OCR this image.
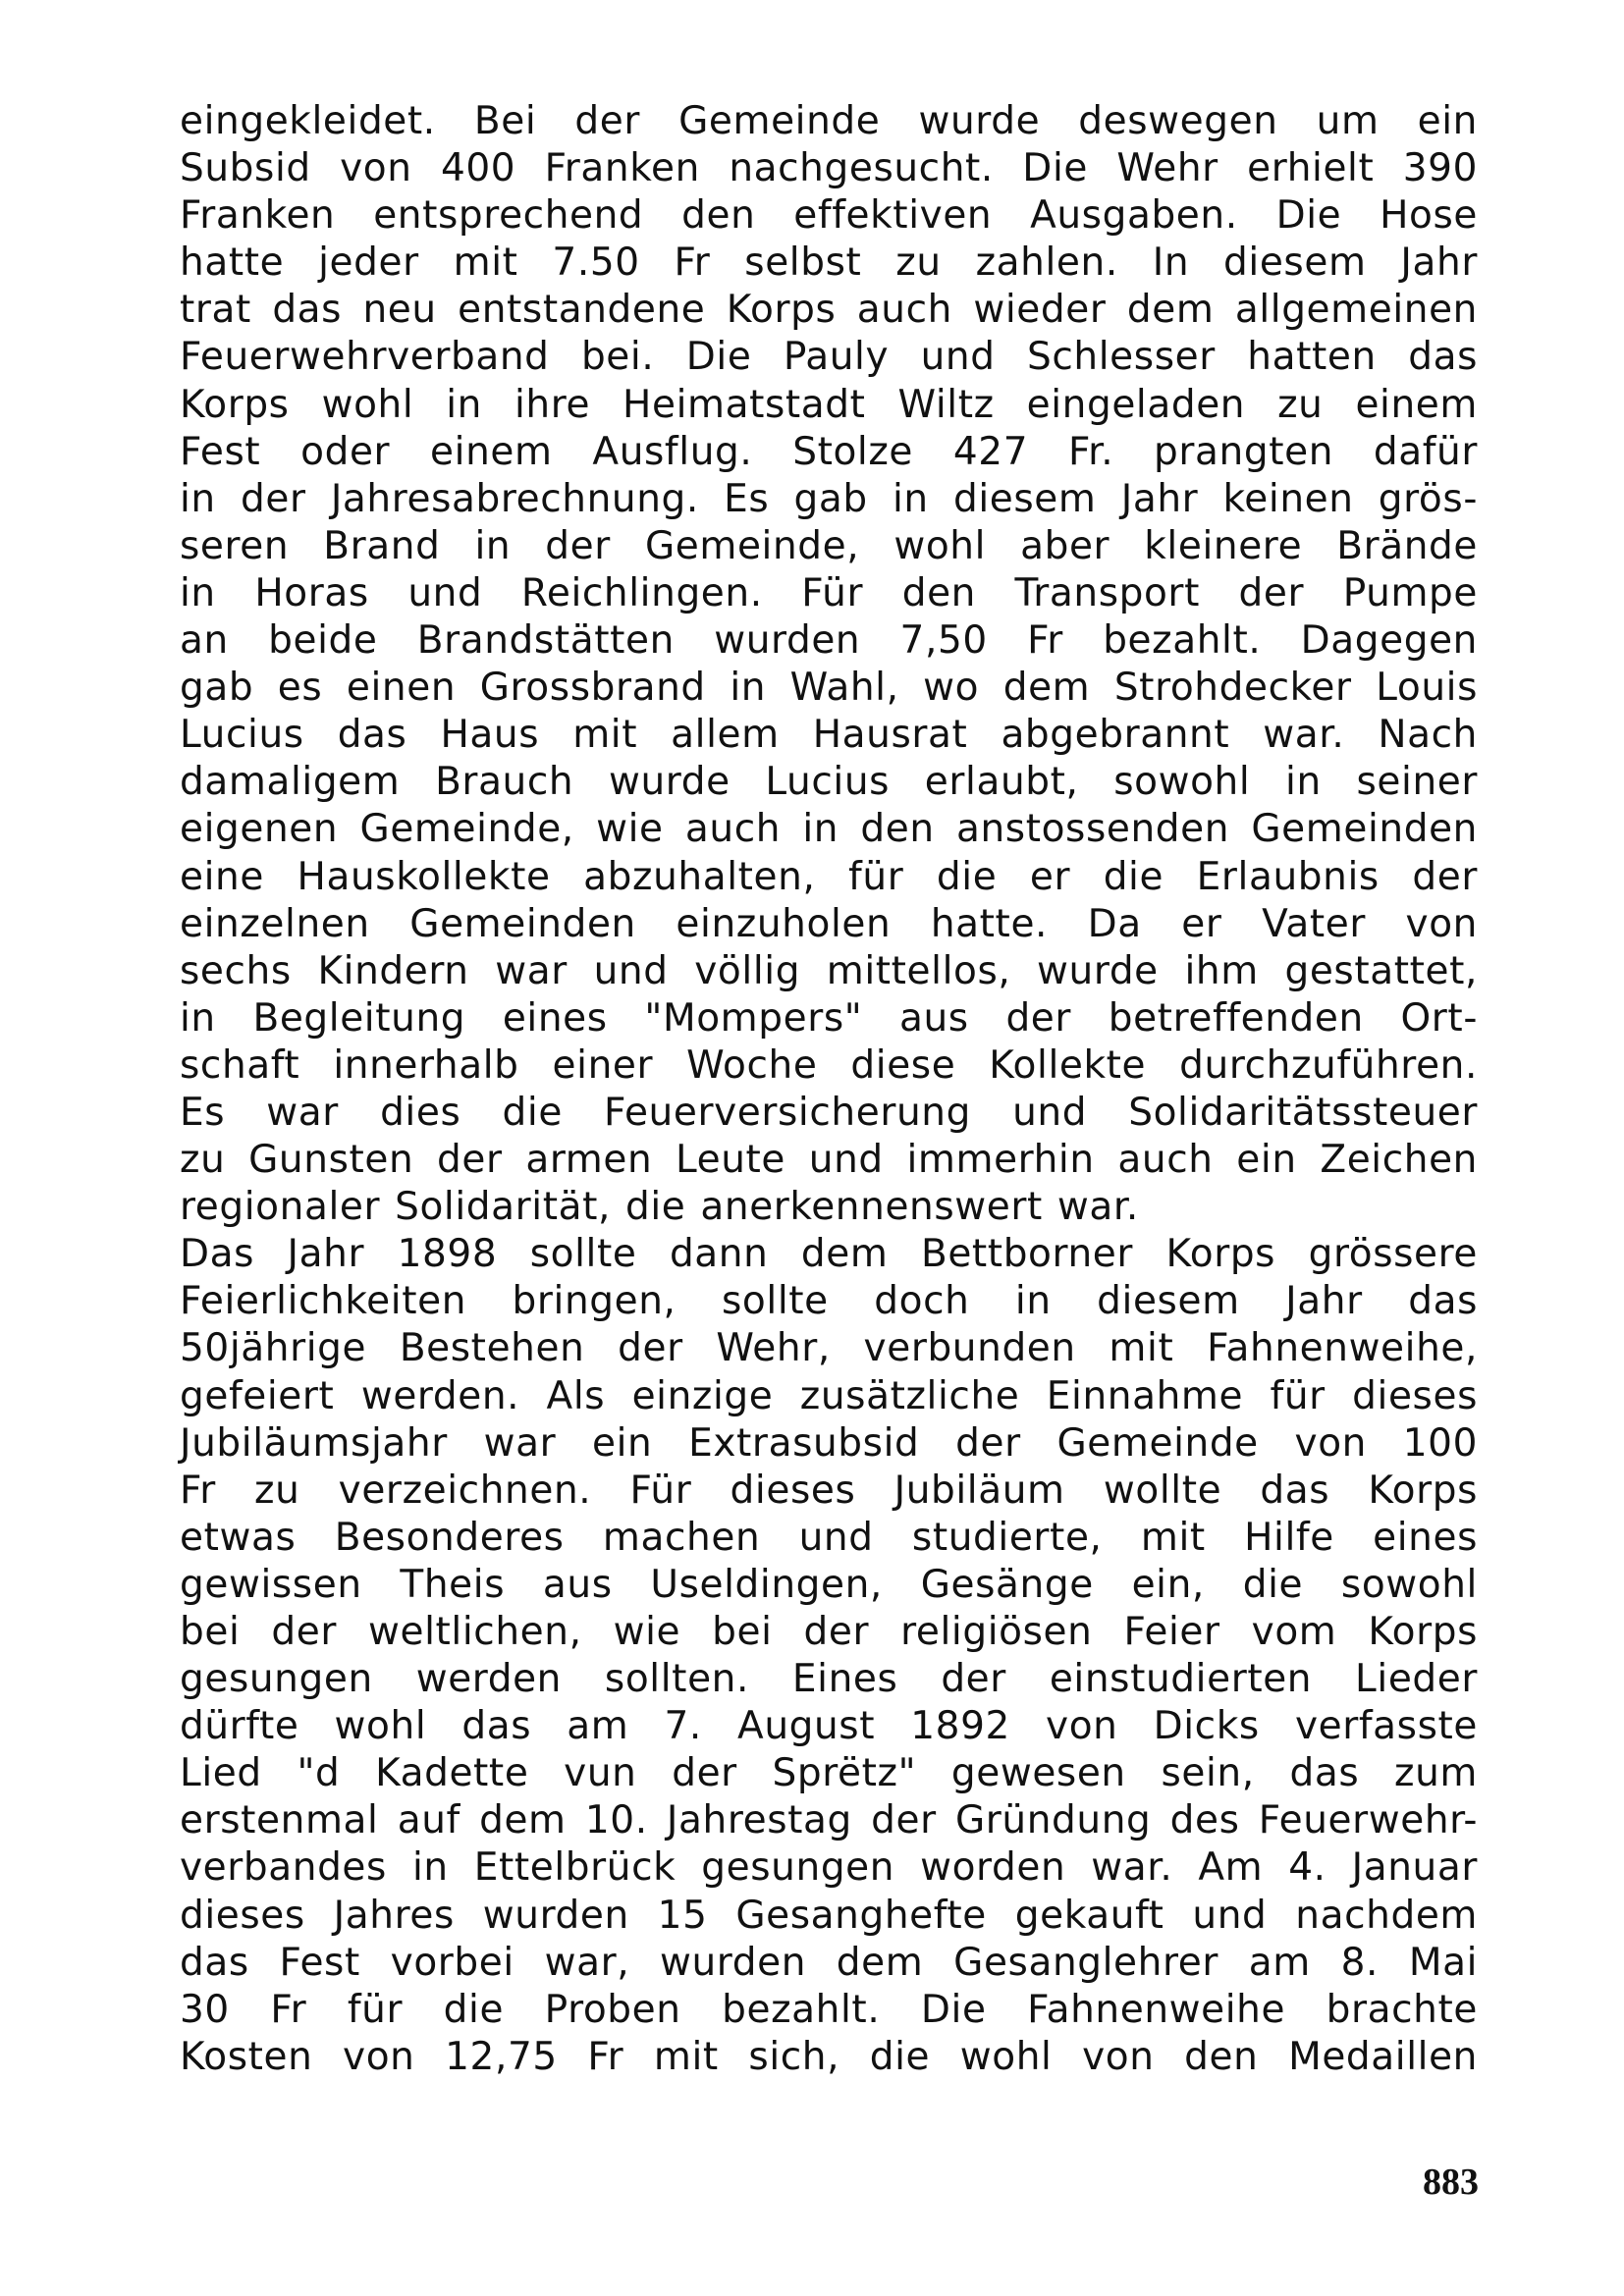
eingekleidet. Bei der Gemeinde wurde deswegen um ein
Subsid von 400 Franken nachgesucht. Die Wehr erhielt 390
Franken entsprechend den effektiven Ausgaben. Die Hose
hatte jeder mit 7.50 Fr selbst zu zahlen. In diesem Jahr
trat das neu entstandene Korps auch wieder dem allgemeinen
Feuerwehrverband bei. Die Pauly und Schlesser hatten das
Korps wohl in ihre Heimatstadt Wiltz eingeladen zu einem
Fest oder einem Ausflug. Stolze 427 Fr. prangten dafür
in der Jahresabrechnung. Es gab in diesem Jahr keinen grös-
seren Brand in der Gemeinde, wohl aber kleinere Brände
in Horas und Reichlingen. Für den Transport der Pumpe
an beide Brandstätten wurden 7,50 Fr bezahlt. Dagegen
gab es einen Grossbrand in Wahl, wo dem Strohdecker Louis
Lucius das Haus mit allem Hausrat abgebrannt war. Nach
damaligem Brauch wurde Lucius erlaubt, sowohl in seiner
eigenen Gemeinde, wie auch in den anstossenden Gemeinden
eine Hauskollekte abzuhalten, für die er die Erlaubnis der
einzelnen Gemeinden einzuholen hatte. Da er Vater von
sechs Kindern war und völlig mittellos, wurde ihm gestattet,
in Begleitung eines "Mompers" aus der betreffenden Ort-
schaft innerhalb einer Woche diese Kollekte durchzuführen.
Es war dies die Feuerversicherung und Solidaritätssteuer
zu Gunsten der armen Leute und immerhin auch ein Zeichen
regionaler Solidarität, die anerkennenswert war.
Das Jahr 1898 sollte dann dem Bettborner Korps grössere
Feierlichkeiten bringen, sollte doch in diesem Jahr das
50jährige Bestehen der Wehr, verbunden mit Fahnenweihe,
gefeiert werden. Als einzige zusätzliche Einnahme für dieses
Jubiläumsjahr war ein Extrasubsid der Gemeinde von 100
Fr zu verzeichnen. Für dieses Jubiläum wollte das Korps
etwas Besonderes machen und studierte, mit Hilfe eines
gewissen Theis aus Useldingen, Gesänge ein, die sowohl
bei der weltlichen, wie bei der religiösen Feier vom Korps
gesungen werden sollten. Eines der einstudierten Lieder
dürfte wohl das am 7. August 1892 von Dicks verfasste
Lied "d Kadette vun der Sprëtz" gewesen sein, das zum
erstenmal auf dem 10. Jahrestag der Gründung des Feuerwehr-
verbandes in Ettelbrück gesungen worden war. Am 4. Januar
dieses Jahres wurden 15 Gesanghefte gekauft und nachdem
das Fest vorbei war, wurden dem Gesanglehrer am 8. Mai
30 Fr für die Proben bezahlt. Die Fahnenweihe brachte
Kosten von 12,75 Fr mit sich, die wohl von den Medaillen
883
